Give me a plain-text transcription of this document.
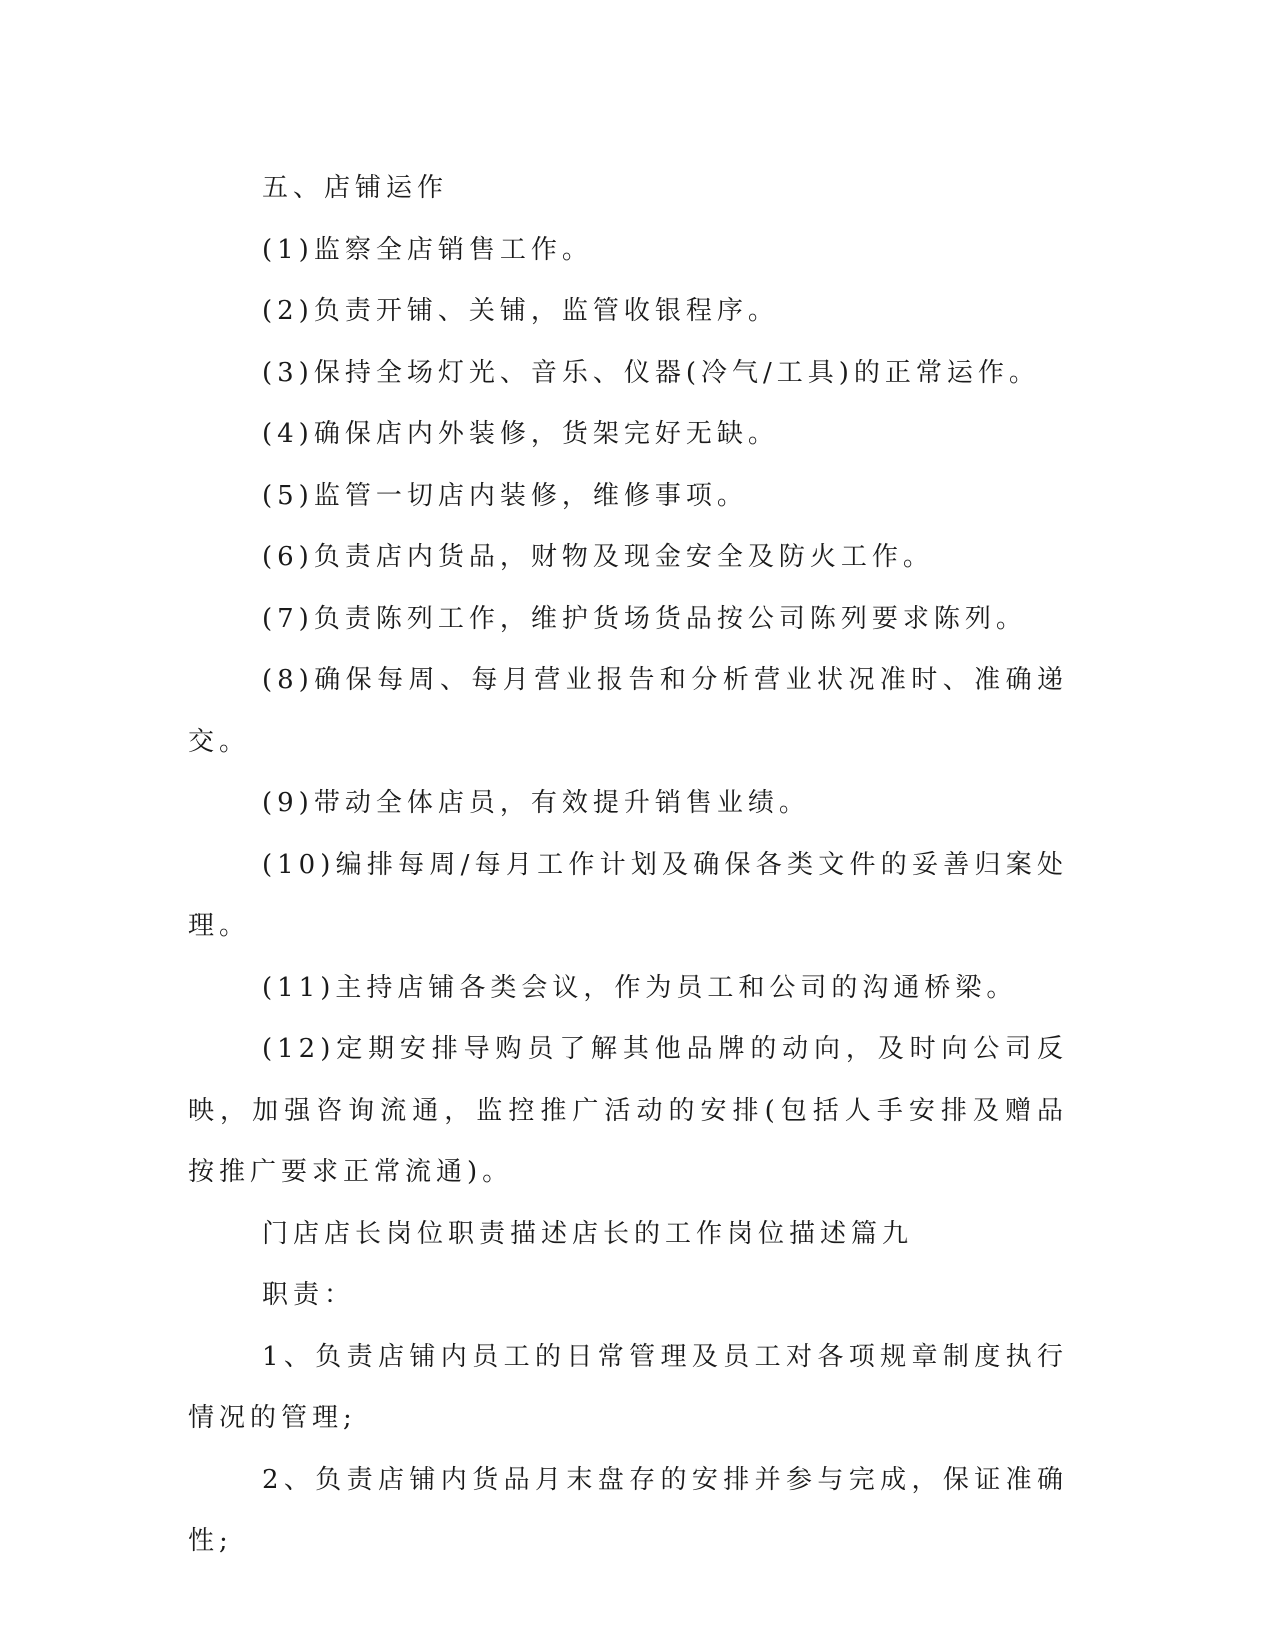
五、店铺运作

(1)监察全店销售工作。

(2)负责开铺、关铺，监管收银程序。

(3)保持全场灯光、音乐、仪器(冷气/工具)的正常运作。

(4)确保店内外装修，货架完好无缺。

(5)监管一切店内装修，维修事项。

(6)负责店内货品，财物及现金安全及防火工作。

(7)负责陈列工作，维护货场货品按公司陈列要求陈列。

(8)确保每周、每月营业报告和分析营业状况准时、准确递交。

(9)带动全体店员，有效提升销售业绩。

(10)编排每周/每月工作计划及确保各类文件的妥善归案处理。

(11)主持店铺各类会议，作为员工和公司的沟通桥梁。

(12)定期安排导购员了解其他品牌的动向，及时向公司反映，加强咨询流通，监控推广活动的安排(包括人手安排及赠品按推广要求正常流通)。

门店店长岗位职责描述店长的工作岗位描述篇九

职责：

1、负责店铺内员工的日常管理及员工对各项规章制度执行情况的管理;

2、负责店铺内货品月末盘存的安排并参与完成，保证准确性;
